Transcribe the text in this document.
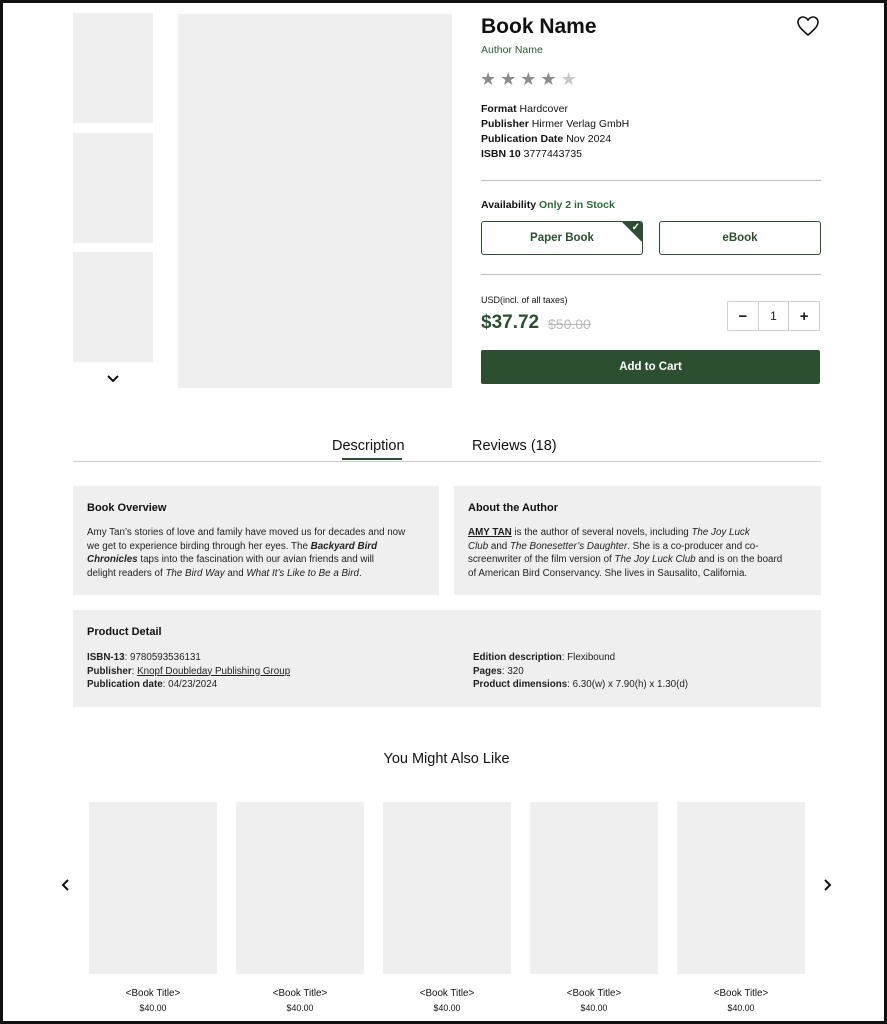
Book Name
Author Name
★ ★ ★ ★ ★
Format Hardcover
Publisher Hirmer Verlag GmbH
Publication Date Nov 2024
ISBN 10 3777443735
Availability Only 2 in Stock
Paper Book
✓
eBook
USD(incl. of all taxes)
$37.72 $50.00	−	1	+
Add to Cart
Description	Reviews (18)
Book Overview

Amy Tan’s stories of love and family have moved us for decades and now
we get to experience birding through her eyes. The Backyard Bird
Chronicles taps into the fascination with our avian friends and will
delight readers of The Bird Way and What It’s Like to Be a Bird.

About the Author

AMY TAN is the author of several novels, including The Joy Luck
Club and The Bonesetter’s Daughter. She is a co-producer and co-
screenwriter of the film version of The Joy Luck Club and is on the board
of American Bird Conservancy. She lives in Sausalito, California.

Product Detail
ISBN-13: 9780593536131
Publisher: Knopf Doubleday Publishing Group
Publication date: 04/23/2024
Edition description: Flexibound
Pages: 320
Product dimensions: 6.30(w) x 7.90(h) x 1.30(d)
You Might Also Like
<Book Title>
$40.00
<Book Title>
$40.00
<Book Title>
$40.00
<Book Title>
$40.00
<Book Title>
$40.00
